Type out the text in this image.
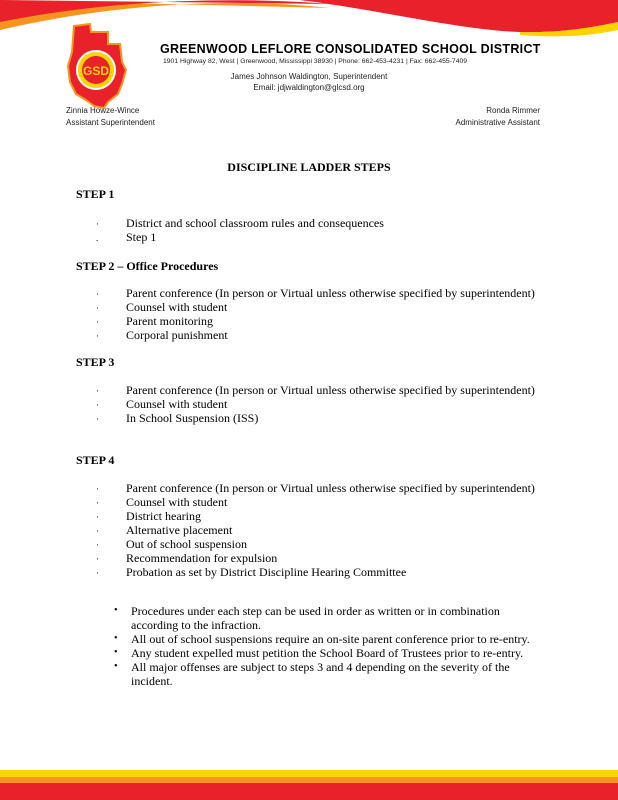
GSD
GREENWOOD LEFLORE CONSOLIDATED SCHOOL DISTRICT
1901 Highway 82, West | Greenwood, Mississippi 38930 | Phone: 662-453-4231 | Fax: 662-455-7409
James Johnson Waldington, Superintendent
Email: jdjwaldington@glcsd.org
Zinnia Howze-Wince
Assistant Superintendent
Ronda Rimmer
Administrative Assistant
DISCIPLINE LADDER STEPS
STEP 1
· District and school classroom rules and consequences
. Step 1
STEP 2 – Office Procedures
· Parent conference (In person or Virtual unless otherwise specified by superintendent)
· Counsel with student
· Parent monitoring
· Corporal punishment
STEP 3
· Parent conference (In person or Virtual unless otherwise specified by superintendent)
· Counsel with student
· In School Suspension (ISS)
STEP 4
· Parent conference (In person or Virtual unless otherwise specified by superintendent)
· Counsel with student
· District hearing
· Alternative placement
· Out of school suspension
· Recommendation for expulsion
· Probation as set by District Discipline Hearing Committee
• Procedures under each step can be used in order as written or in combination according to the infraction.
• All out of school suspensions require an on-site parent conference prior to re-entry.
• Any student expelled must petition the School Board of Trustees prior to re-entry.
• All major offenses are subject to steps 3 and 4 depending on the severity of the incident.
